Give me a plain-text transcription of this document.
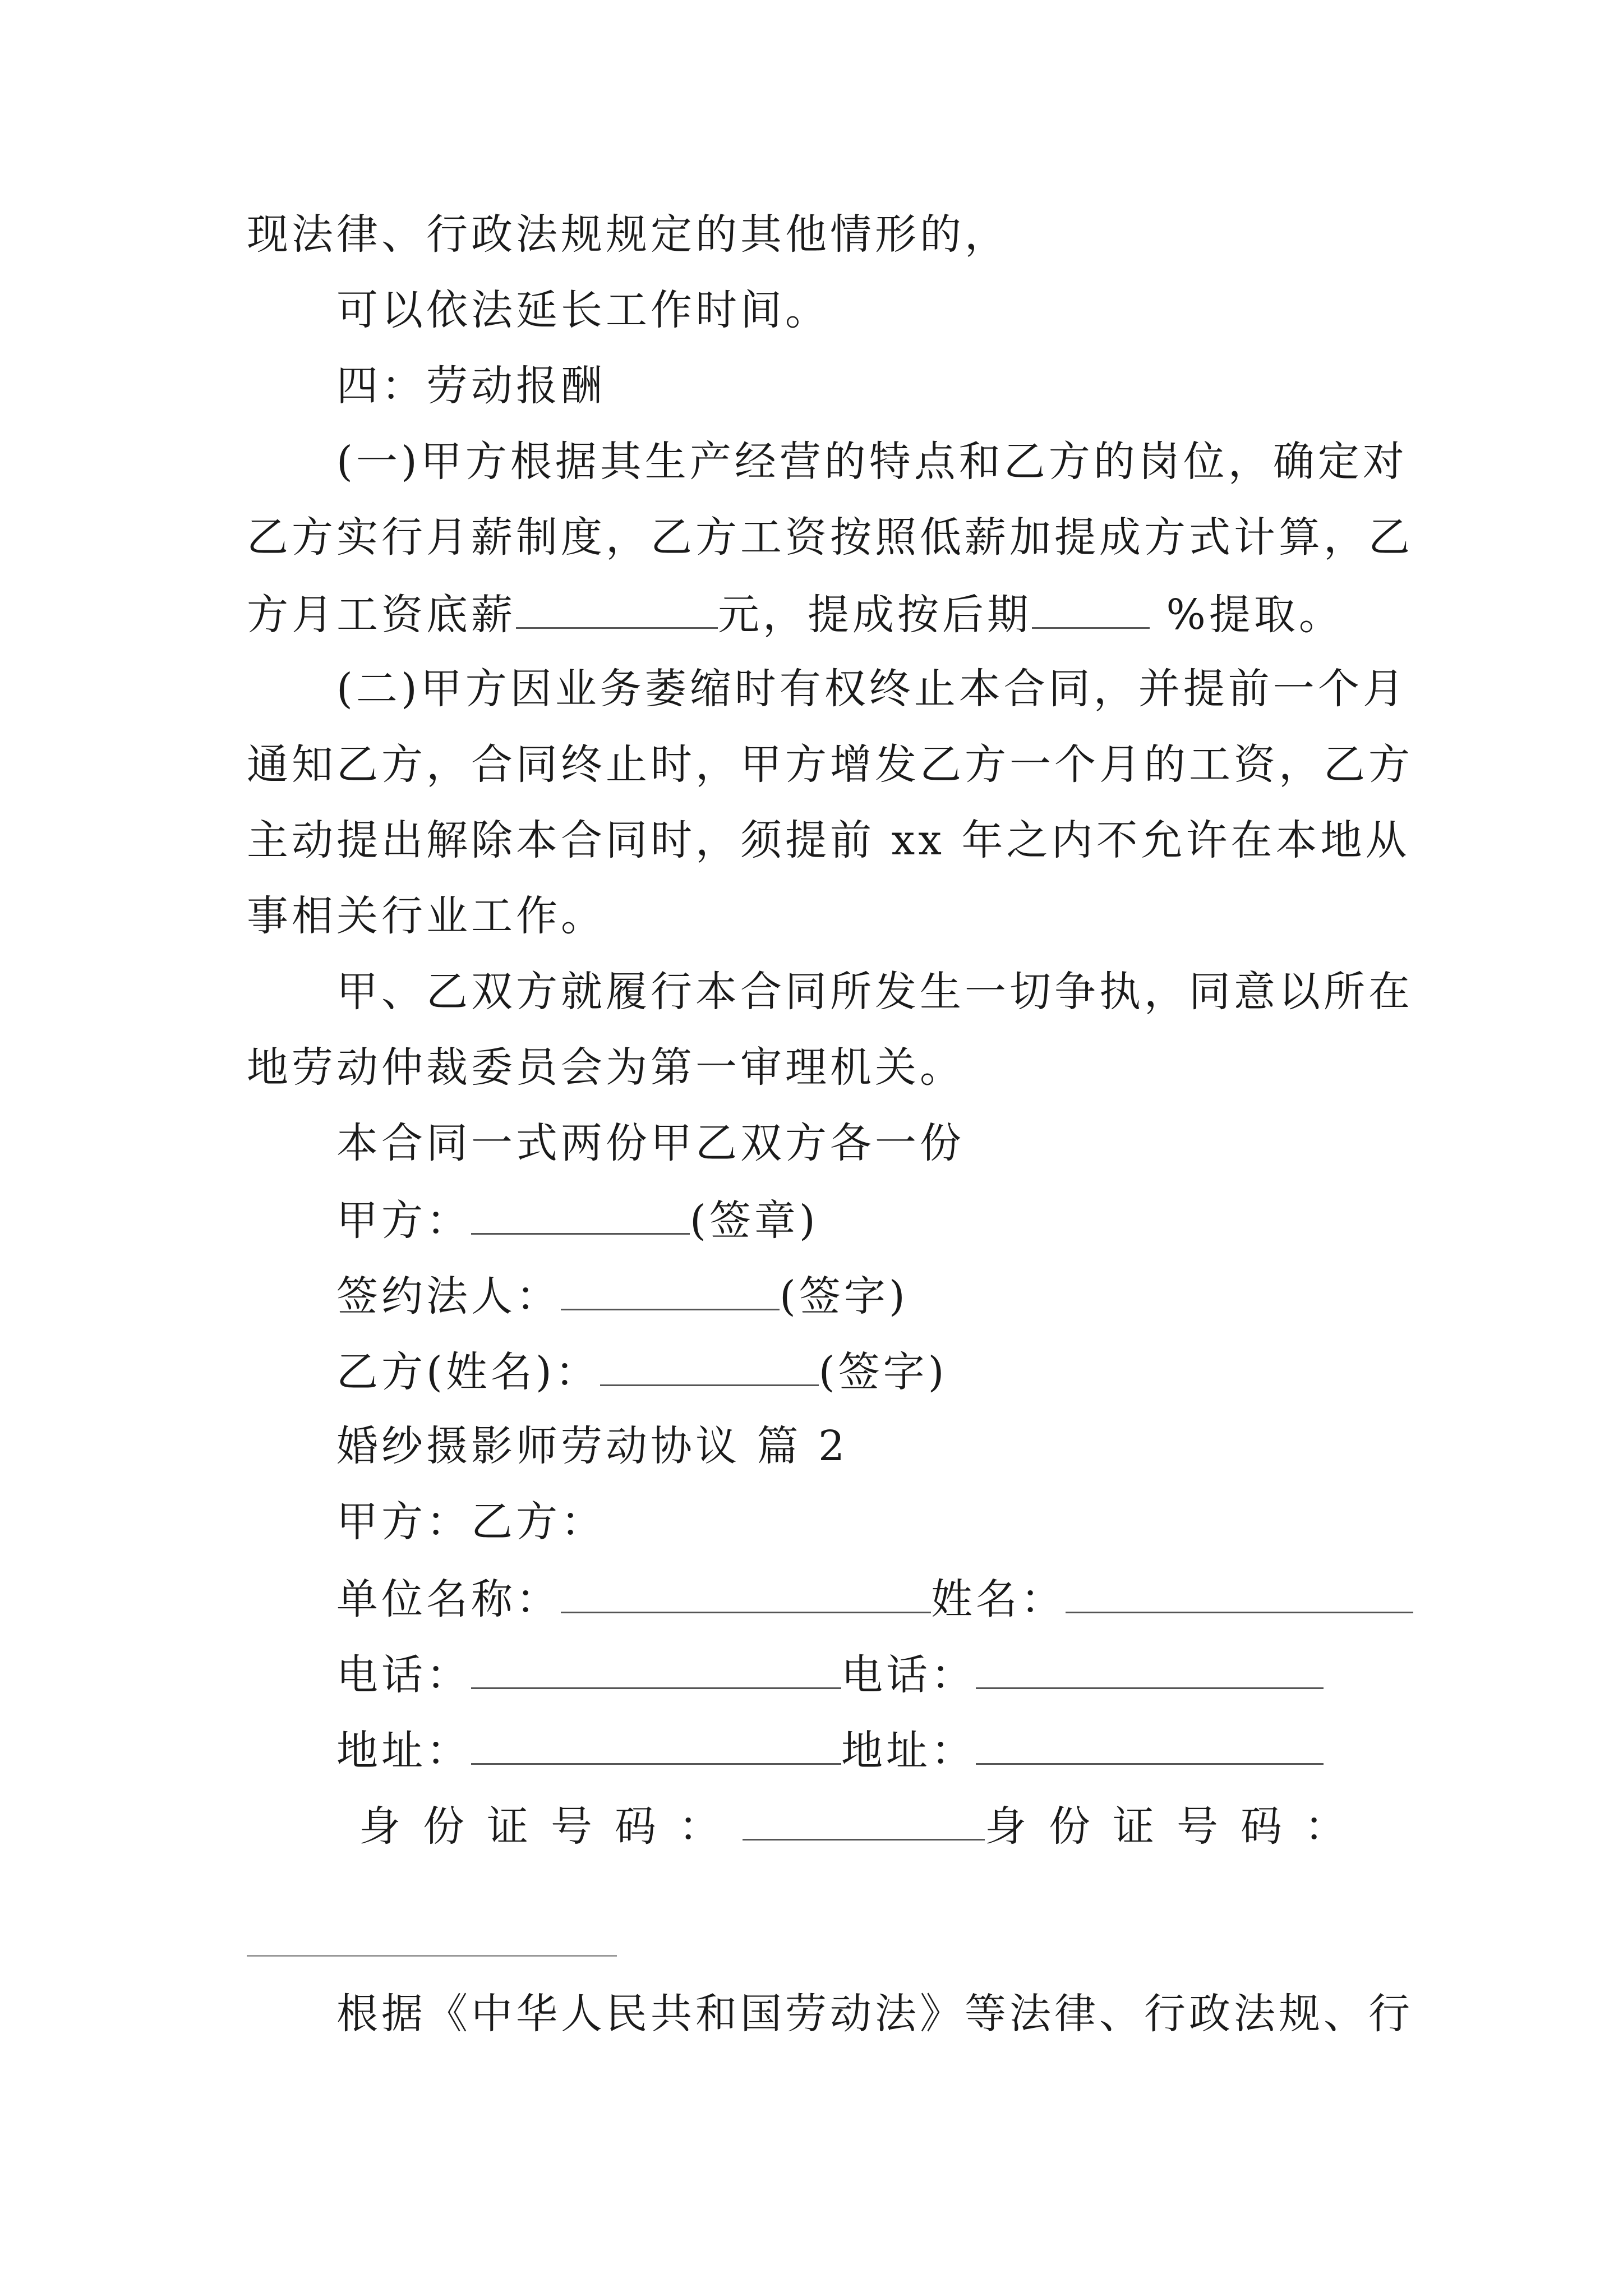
现法律、行政法规规定的其他情形的，
可以依法延长工作时间。
四：劳动报酬
(一)甲方根据其生产经营的特点和乙方的岗位，确定对
乙方实行月薪制度，乙方工资按照低薪加提成方式计算，乙
方月工资底薪	元，提成按后期	%提取。
(二)甲方因业务萎缩时有权终止本合同，并提前一个月
通知乙方，合同终止时，甲方增发乙方一个月的工资，乙方
主动提出解除本合同时，须提前 xx 年之内不允许在本地从
事相关行业工作。
甲、乙双方就履行本合同所发生一切争执，同意以所在
地劳动仲裁委员会为第一审理机关。
本合同一式两份甲乙双方各一份
甲方：	(签章)
签约法人：	(签字)
乙方(姓名)：	(签字)
婚纱摄影师劳动协议 篇 2
甲方：乙方：
单位名称：	姓名：
电话：	电话：
地址：	地址：
身份证号码：	身份证号码：
根据《中华人民共和国劳动法》等法律、行政法规、行
